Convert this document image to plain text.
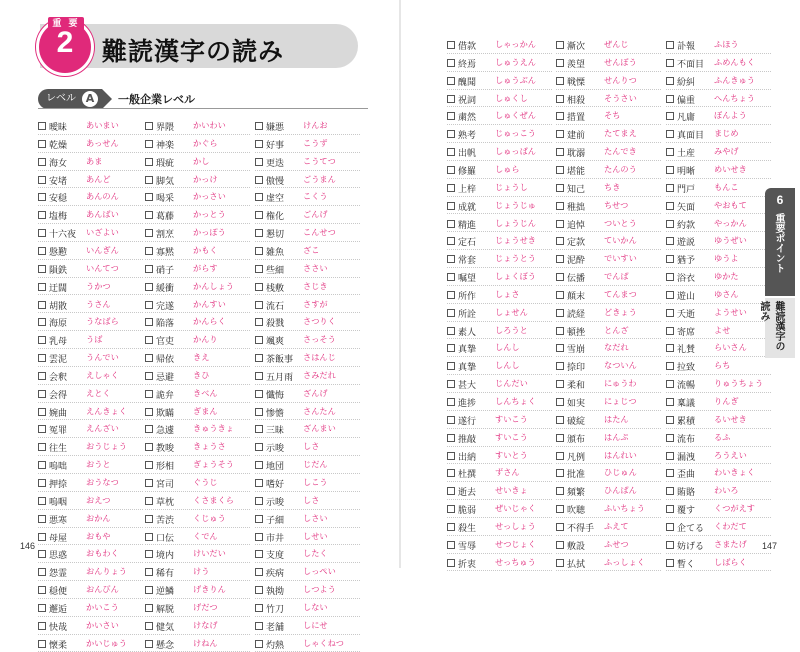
重 要
2	難読漢字の読み
レベル A	一般企業レベル
曖昧 あいまい
乾燥 あっせん
海女 あま
安堵 あんど
安穏 あんのん
塩梅 あんばい
十六夜 いざよい
慇懃 いんぎん
隕鉄 いんてつ
迂闊 うかつ
胡散 うさん
海原 うなばら
乳母 うば
雲泥 うんでい
会釈 えしゃく
会得 えとく
婉曲 えんきょく
冤罪 えんざい
往生 おうじょう
嗚咄 おうと
押捺 おうなつ
嗚咽 おえつ
悪寒 おかん
母屋 おもや
思惑 おもわく
怨霊 おんりょう
穏便 おんびん
邂逅 かいこう
快哉 かいさい
懐柔 かいじゅう
界隈 かいわい
神楽 かぐら
瑕疵 かし
脚気 かっけ
喝采 かっさい
葛藤 かっとう
割烹 かっぽう
寡黙 かもく
硝子 がらす
緩衝 かんしょう
完遂 かんすい
陥落 かんらく
官吏 かんり
帰依 きえ
忌避 きひ
詭弁 きべん
欺瞞 ぎまん
急遽 きゅうきょ
教唆 きょうさ
形相 ぎょうそう
宮司 ぐうじ
草枕 くさまくら
苦渋 くじゅう
口伝 くでん
境内 けいだい
稀有 けう
逆鱗 げきりん
解脱 げだつ
健気 けなげ
懸念 けねん
嫌悪 けんお
好事 こうず
更迭 こうてつ
傲慢 ごうまん
虚空 こくう
権化 ごんげ
懇切 こんせつ
雑魚 ざこ
些細 ささい
桟敷 さじき
流石 さすが
殺戮 さつりく
颯爽 さっそう
茶飯事 さはんじ
五月雨 さみだれ
懺悔 ざんげ
惨憺 さんたん
三昧 ざんまい
示唆 しさ
地団 じだん
嗜好 しこう
示唆 しさ
子細 しさい
市井 しせい
支度 したく
疾病 しっぺい
執拗 しつよう
竹刀 しない
老舗 しにせ
灼熱 しゃくねつ
借款 しゃっかん
終焉 しゅうえん
醜聞 しゅうぶん
祝詞 しゅくし
粛然 しゅくぜん
熟考 じゅっこう
出帆 しゅっぱん
修羅 しゅら
上梓 じょうし
成就 じょうじゅ
精進 しょうじん
定石 じょうせき
常套 じょうとう
嘱望 しょくぼう
所作 しょさ
所詮 しょせん
素人 しろうと
真摯 しんし
真摯 しんし
甚大 じんだい
進捗 しんちょく
遂行 すいこう
推敲 すいこう
出納 すいとう
杜撰 ずさん
逝去 せいきょ
脆弱 ぜいじゃく
殺生 せっしょう
雪辱 せつじょく
折衷 せっちゅう
漸次 ぜんじ
羨望 せんぼう
戦慄 せんりつ
相殺 そうさい
措置 そち
建前 たてまえ
耽溺 たんでき
堪能 たんのう
知己 ちき
稚拙 ちせつ
追悼 ついとう
定款 ていかん
泥酔 でいすい
伝播 でんぱ
顛末 てんまつ
読経 どきょう
頓挫 とんざ
雪崩 なだれ
捺印 なついん
柔和 にゅうわ
如実 にょじつ
破綻 はたん
頒布 はんぷ
凡例 はんれい
批准 ひじゅん
頻繁 ひんぱん
吹聴 ふいちょう
不得手 ふえて
敷設 ふせつ
払拭 ふっしょく
訃報 ふほう
不面目 ふめんもく
紛糾 ふんきゅう
偏重 へんちょう
凡庸 ぼんよう
真面目 まじめ
土産 みやげ
明晰 めいせき
門戸 もんこ
矢面 やおもて
約款 やっかん
遊説 ゆうぜい
猶予 ゆうよ
浴衣 ゆかた
遊山 ゆさん
夭逝 ようせい
寄席 よせ
礼賛 らいさん
拉致 らち
流暢 りゅうちょう
稟議 りんぎ
累積 るいせき
流布 るふ
漏洩 ろうえい
歪曲 わいきょく
賄賂 わいろ
覆す くつがえす
企てる くわだて
妨げる さまたげ
暫く しばらく
146	147
6
重要ポイント
難読漢字の読み
